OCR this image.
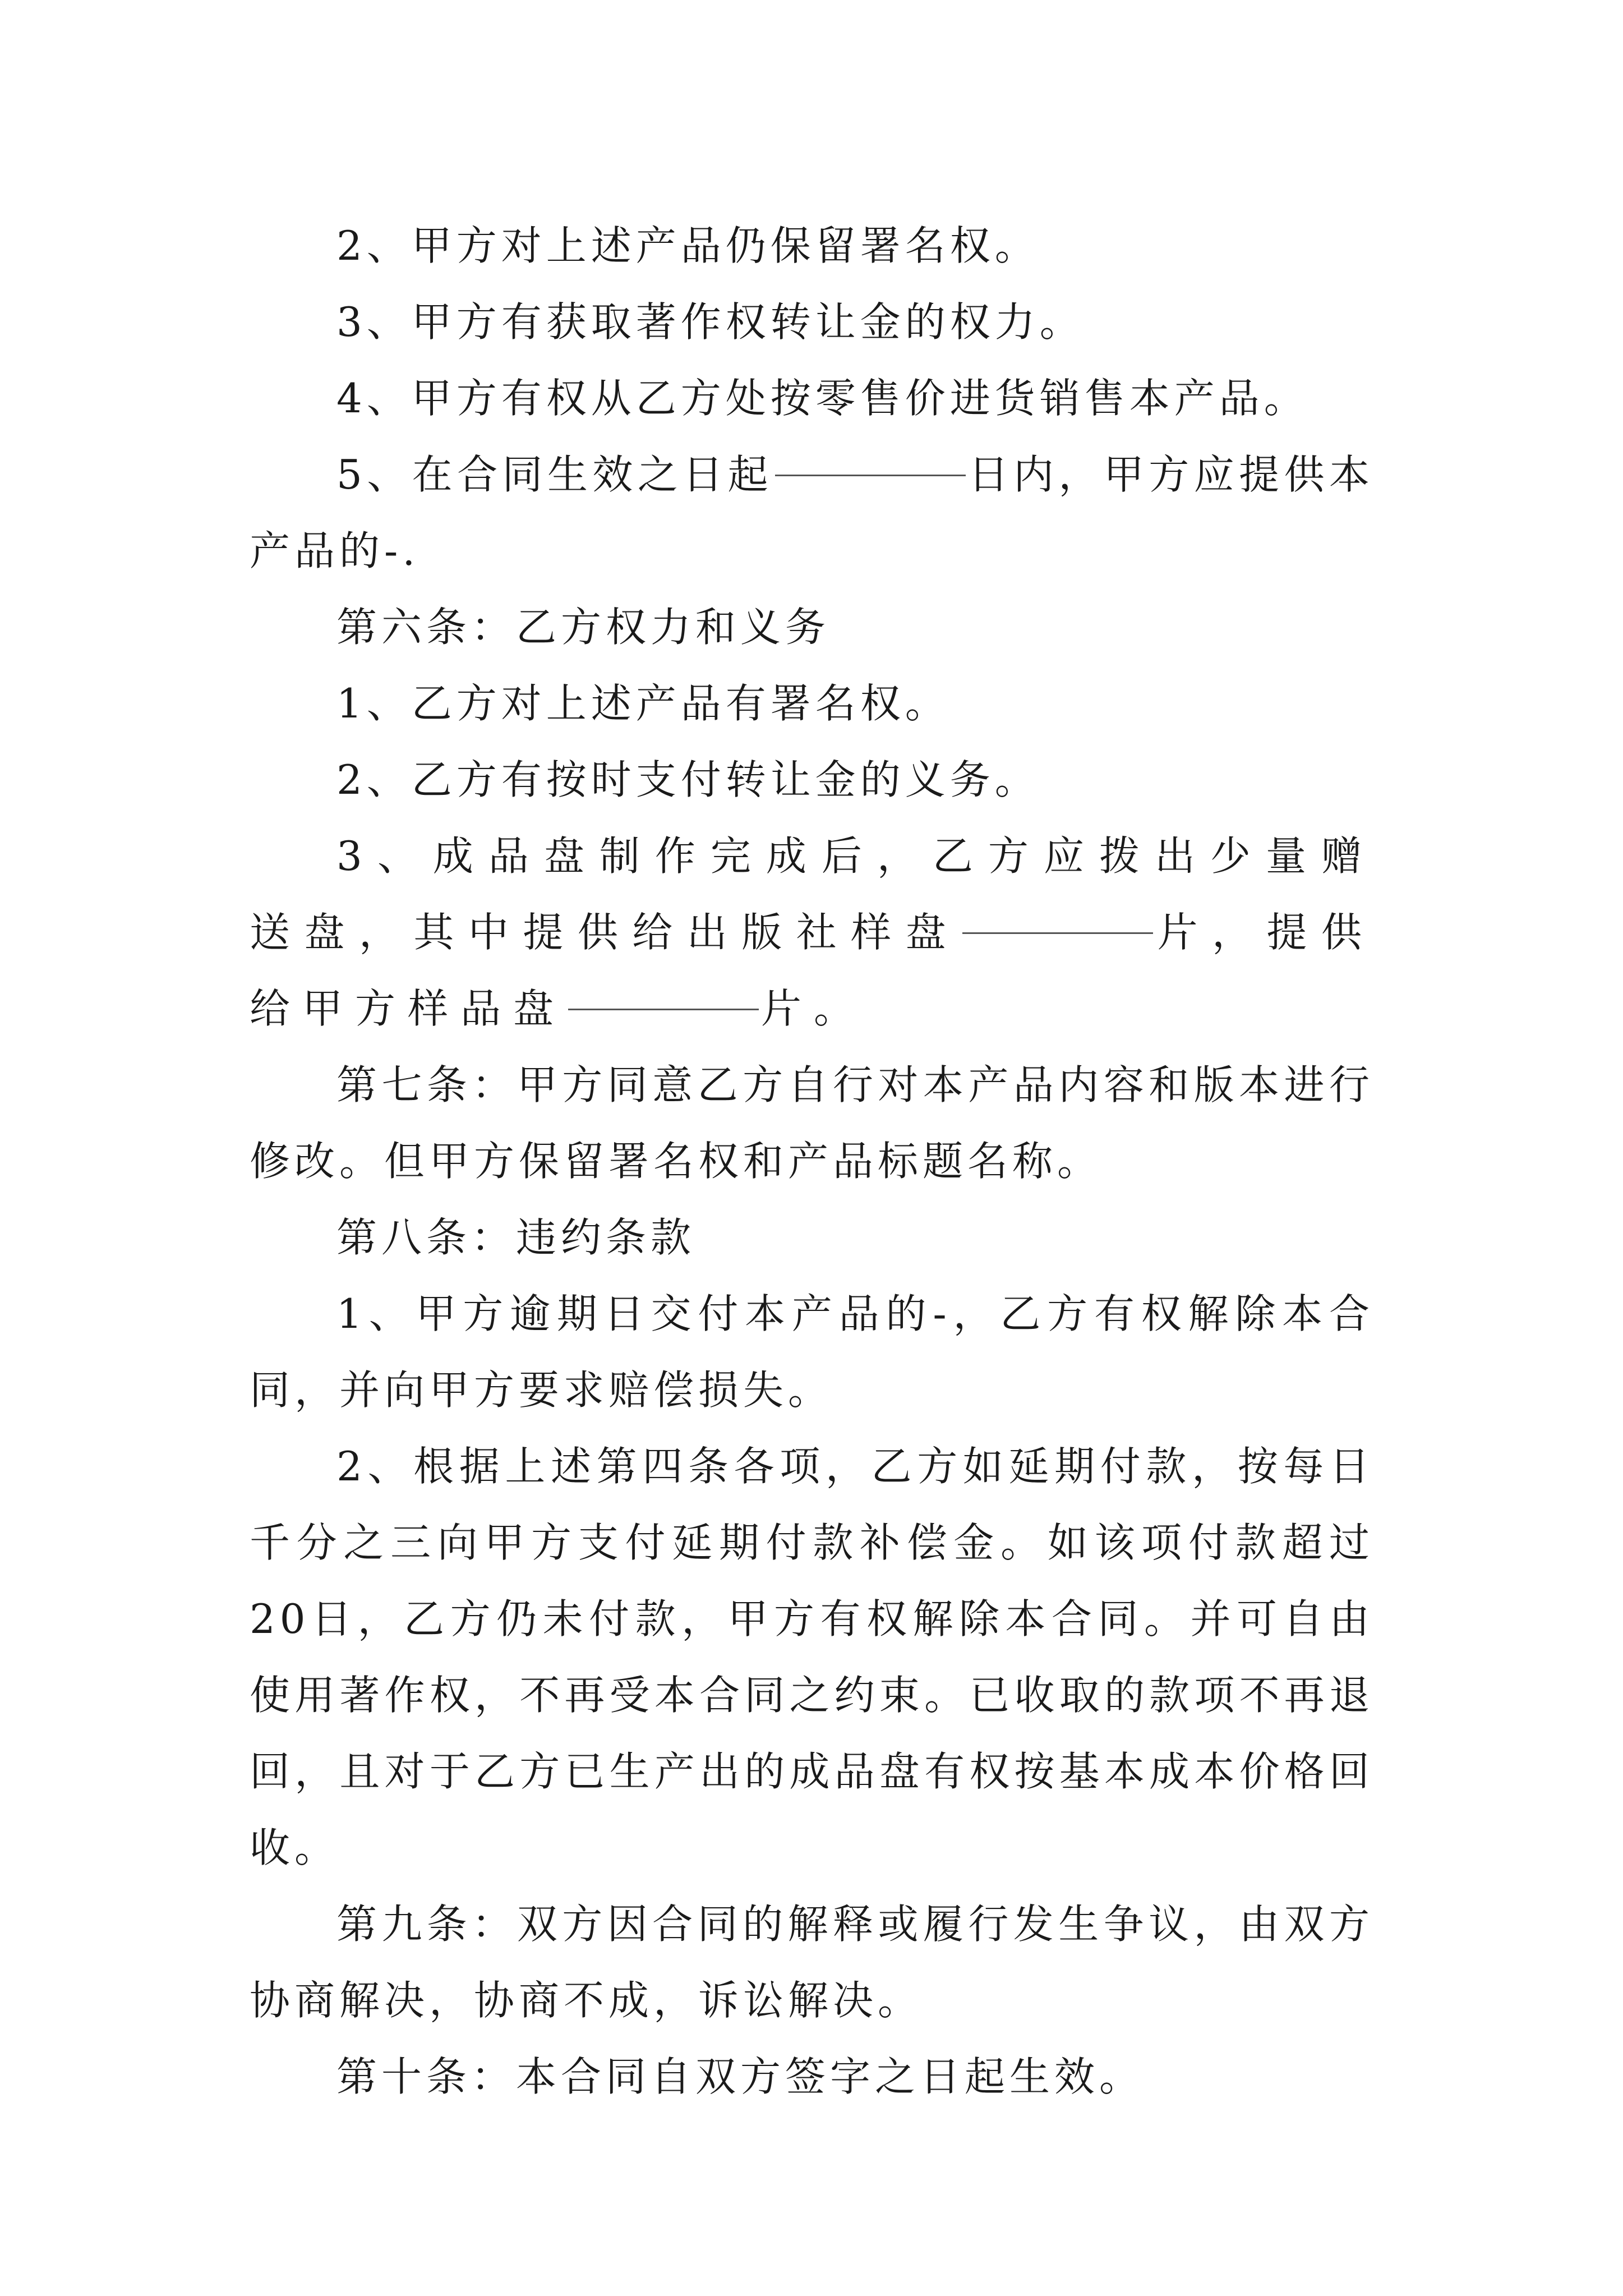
2、甲方对上述产品仍保留署名权。

3、甲方有获取著作权转让金的权力。

4、甲方有权从乙方处按零售价进货销售本产品。

5、在合同生效之日起	日内，甲方应提供本产品的-.

第六条：乙方权力和义务

1、乙方对上述产品有署名权。

2、乙方有按时支付转让金的义务。

3、成品盘制作完成后，乙方应拨出少量赠送盘，其中提供给出版社样盘	片，提供给甲方样品盘	片。

第七条：甲方同意乙方自行对本产品内容和版本进行修改。但甲方保留署名权和产品标题名称。

第八条：违约条款

1、甲方逾期日交付本产品的-，乙方有权解除本合同，并向甲方要求赔偿损失。

2、根据上述第四条各项，乙方如延期付款，按每日千分之三向甲方支付延期付款补偿金。如该项付款超过20日，乙方仍未付款，甲方有权解除本合同。并可自由使用著作权，不再受本合同之约束。已收取的款项不再退回，且对于乙方已生产出的成品盘有权按基本成本价格回收。

第九条：双方因合同的解释或履行发生争议，由双方协商解决，协商不成，诉讼解决。

第十条：本合同自双方签字之日起生效。
